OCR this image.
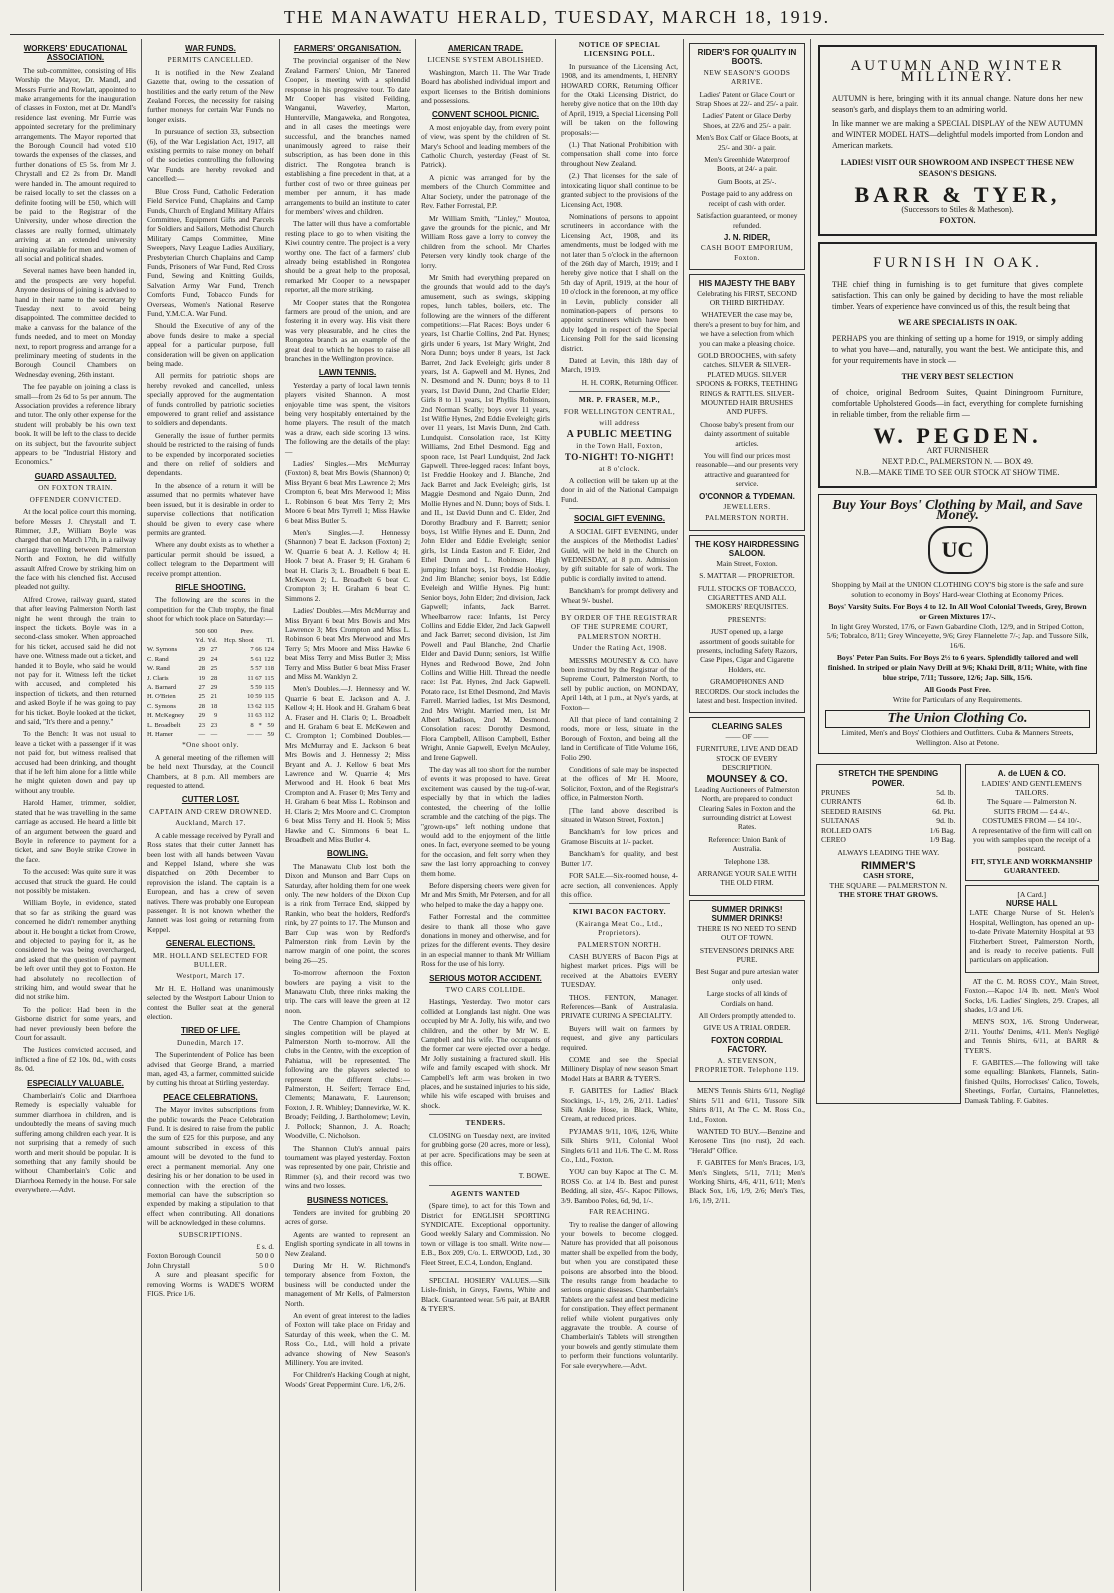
THE MANAWATU HERALD, TUESDAY, MARCH 18, 1919.
WORKERS' EDUCATIONAL ASSOCIATION.

The sub-committee, consisting of His Worship the Mayor, Dr. Mandl, and Messrs Furrie and Rowlatt, appointed to make arrangements for the inauguration of classes in Foxton, met at Dr. Mandl's residence last evening. Mr Furrie was appointed secretary for the preliminary arrangements. The Mayor reported that the Borough Council had voted £10 towards the expenses of the classes, and further donations of £5 5s. from Mr J. Chrystall and £2 2s from Dr. Mandl were handed in. The amount required to be raised locally to set the classes on a definite footing will be £50, which will be paid to the Registrar of the University, under whose direction the classes are really formed, ultimately arriving at an extended university training available for men and women of all social and political shades.

Several names have been handed in, and the prospects are very hopeful. Anyone desirous of joining is advised to hand in their name to the secretary by Tuesday next to avoid being disappointed. The committee decided to make a canvass for the balance of the funds needed, and to meet on Monday next, to report progress and arrange for a preliminary meeting of students in the Borough Council Chambers on Wednesday evening, 26th instant.

The fee payable on joining a class is small—from 2s 6d to 5s per annum. The Association provides a reference library and tutor. The only other expense for the student will probably be his own text book. It will be left to the class to decide on its subject, but the favourite subject appears to be "Industrial History and Economics."

GUARD ASSAULTED.
ON FOXTON TRAIN.
OFFENDER CONVICTED.

At the local police court this morning, before Messrs J. Chrystall and T. Rimmer, J.P., William Boyle was charged that on March 17th, in a railway carriage travelling between Palmerston North and Foxton, he did wilfully assault Alfred Crowe by striking him on the face with his clenched fist. Accused pleaded not guilty.

Alfred Crowe, railway guard, stated that after leaving Palmerston North last night he went through the train to inspect the tickets. Boyle was in a second-class smoker. When approached for his ticket, accused said he did not have one. Witness made out a ticket, and handed it to Boyle, who said he would not pay for it. Witness left the ticket with accused, and completed his inspection of tickets, and then returned and asked Boyle if he was going to pay for his ticket. Boyle looked at the ticket, and said, "It's there and a penny."

To the Bench: It was not usual to leave a ticket with a passenger if it was not paid for, but witness realised that accused had been drinking, and thought that if he left him alone for a little while he might quieten down and pay up without any trouble.

Harold Hamer, trimmer, soldier, stated that he was travelling in the same carriage as accused. He heard a little bit of an argument between the guard and Boyle in reference to payment for a ticket, and saw Boyle strike Crowe in the face.

To the accused: Was quite sure it was accused that struck the guard. He could not possibly be mistaken.

William Boyle, in evidence, stated that so far as striking the guard was concerned he didn't remember anything about it. He bought a ticket from Crowe, and objected to paying for it, as he considered he was being overcharged, and asked that the question of payment be left over until they got to Foxton. He had absolutely no recollection of striking him, and would swear that he did not strike him.

To the police: Had been in the Gisborne district for some years, and had never previously been before the Court for assault.

The Justices convicted accused, and inflicted a fine of £2 10s. 0d., with costs 8s. 0d.

ESPECIALLY VALUABLE.

Chamberlain's Colic and Diarrhoea Remedy is especially valuable for summer diarrhoea in children, and is undoubtedly the means of saving much suffering among children each year. It is not surprising that a remedy of such worth and merit should be popular. It is something that any family should be without Chamberlain's Colic and Diarrhoea Remedy in the house. For sale everywhere.—Advt.

WAR FUNDS.
PERMITS CANCELLED.

It is notified in the New Zealand Gazette that, owing to the cessation of hostilities and the early return of the New Zealand Forces, the necessity for raising further moneys for certain War Funds no longer exists.

In pursuance of section 33, subsection (6), of the War Legislation Act, 1917, all existing permits to raise money on behalf of the societies controlling the following War Funds are hereby revoked and cancelled:—

Blue Cross Fund, Catholic Federation Field Service Fund, Chaplains and Camp Funds, Church of England Military Affairs Committee, Equipment Gifts and Parcels for Soldiers and Sailors, Methodist Church Military Camps Committee, Mine Sweepers, Navy League Ladies Auxiliary, Presbyterian Church Chaplains and Camp Funds, Prisoners of War Fund, Red Cross Fund, Sewing and Knitting Guilds, Salvation Army War Fund, Trench Comforts Fund, Tobacco Funds for Overseas, Women's National Reserve Fund, Y.M.C.A. War Fund.

Should the Executive of any of the above funds desire to make a special appeal for a particular purpose, full consideration will be given on application being made.

All permits for patriotic shops are hereby revoked and cancelled, unless specially approved for the augmentation of funds controlled by patriotic societies empowered to grant relief and assistance to soldiers and dependants.

Generally the issue of further permits should be restricted to the raising of funds to be expended by incorporated societies and there on relief of soldiers and dependants.

In the absence of a return it will be assumed that no permits whatever have been issued, but it is desirable in order to supervise collections that notification should be given to every case where permits are granted.

Where any doubt exists as to whether a particular permit should be issued, a collect telegram to the Department will receive prompt attention.

RIFLE SHOOTING.

The following are the scores in the competition for the Club trophy, the final shoot for which took place on Saturday:—

	500	600	Prev.		
	Yd.	Yd.	Hcp. Shoot	Tl.	
W. Symons	29	27	7	66	124
C. Rand	29	24	5	61	122
W. Rand	28	25	5	57	118
J. Claris	19	28	11	67	115
A. Barnard	27	29	5	59	115
H. O'Brien	25	21	10	59	115
C. Symons	28	18	13	62	115
H. McKegney	29	9	11	63	112
L. Broadbelt	23	23	8	*	59
H. Hamer	—	—	—	—	59
*One shoot only.

A general meeting of the riflemen will be held next Thursday, at the Council Chambers, at 8 p.m. All members are requested to attend.

CUTTER LOST.
CAPTAIN AND CREW DROWNED.
Auckland, March 17.

A cable message received by Pyrall and Ross states that their cutter Jannett has been lost with all hands between Vavau and Keppel Island, where she was dispatched on 20th December to reprovision the island. The captain is a European, and has a crew of seven natives. There was probably one European passenger. It is not known whether the Jannett was lost going or returning from Keppel.

GENERAL ELECTIONS.
MR. HOLLAND SELECTED FOR BULLER.
Westport, March 17.

Mr H. E. Holland was unanimously selected by the Westport Labour Union to contest the Buller seat at the general election.

TIRED OF LIFE.
Dunedin, March 17.

The Superintendent of Police has been advised that George Brand, a married man, aged 43, a farmer, committed suicide by cutting his throat at Stirling yesterday.

PEACE CELEBRATIONS.

The Mayor invites subscriptions from the public towards the Peace Celebration Fund. It is desired to raise from the public the sum of £25 for this purpose, and any amount subscribed in excess of this amount will be devoted to the fund to erect a permanent memorial. Any one desiring his or her donation to be used in connection with the erection of the memorial can have the subscription so expended by making a stipulation to that effect when contributing. All donations will be acknowledged in these columns.

SUBSCRIPTIONS.
£ s. d.
Foxton Borough Council	50 0 0
John Chrystall	5 0 0

A sure and pleasant specific for removing Worms is WADE'S WORM FIGS. Price 1/6.

FARMERS' ORGANISATION.

The provincial organiser of the New Zealand Farmers' Union, Mr Tanered Cooper, is meeting with a splendid response in his progressive tour. To date Mr Cooper has visited Feilding, Wanganui, Waverley, Marton, Hunterville, Mangaweka, and Rongotea, and in all cases the meetings were successful, and the branches named unanimously agreed to raise their subscription, as has been done in this district. The Rongotea branch is establishing a fine precedent in that, at a further cost of two or three guineas per member per annum, it has made arrangements to build an institute to cater for members' wives and children.

The latter will thus have a comfortable resting place to go to when visiting the Kiwi country centre. The project is a very worthy one. The fact of a farmers' club already being established in Rongotea should be a great help to the proposal, remarked Mr Cooper to a newspaper reporter, all the more striking.

Mr Cooper states that the Rongotea farmers are proud of the union, and are fostering it in every way. His visit there was very pleasurable, and he cites the Rongotea branch as an example of the great deal to which he hopes to raise all branches in the Wellington province.

LAWN TENNIS.

Yesterday a party of local lawn tennis players visited Shannon. A most enjoyable time was spent, the visitors being very hospitably entertained by the home players. The result of the match was a draw, each side scoring 13 wins. The following are the details of the play:—

Ladies' Singles.—Mrs McMurray (Foxton) 8, beat Mrs Bowis (Shannon) 0; Miss Bryant 6 beat Mrs Lawrence 2; Mrs Crompton 6, beat Mrs Merwood 1; Miss L. Robinson 6 beat Mrs Terry 2; Mrs Moore 6 beat Mrs Tyrrell 1; Miss Hawke 6 beat Miss Butler 5.

Men's Singles.—J. Hennessy (Shannon) 7 beat E. Jackson (Foxton) 2; W. Quarrie 6 beat A. J. Kellow 4; H. Hook 7 beat A. Fraser 9; H. Graham 6 beat H. Claris 3; L. Broadbelt 6 beat E. McKewen 2; L. Broadbelt 6 beat C. Crompton 3; H. Graham 6 beat C. Simmons 2.

Ladies' Doubles.—Mrs McMurray and Miss Bryant 6 beat Mrs Bowis and Mrs Lawrence 3; Mrs Crompton and Miss L. Robinson 6 beat Mrs Merwood and Mrs Terry 5; Mrs Moore and Miss Hawke 6 beat Miss Terry and Miss Butler 3; Miss Terry and Miss Butler 6 beat Miss Fraser and Miss M. Wanklyn 2.

Men's Doubles.—J. Hennessy and W. Quarrie 6 beat E. Jackson and A. J. Kellow 4; H. Hook and H. Graham 6 beat A. Fraser and H. Claris 0; L. Broadbelt and H. Graham 6 beat E. McKewen and C. Crompton 1; Combined Doubles.—Mrs McMurray and E. Jackson 6 beat Mrs Bowis and J. Hennessy 2; Miss Bryant and A. J. Kellow 6 beat Mrs Lawrence and W. Quarrie 4; Mrs Merwood and H. Hook 6 beat Mrs Crompton and A. Fraser 0; Mrs Terry and H. Graham 6 beat Miss L. Robinson and H. Claris 2; Mrs Moore and C. Crompton 6 beat Miss Terry and H. Hook 5; Miss Hawke and C. Simmons 6 beat L. Broadbelt and Miss Butler 4.

BOWLING.

The Manawatu Club lost both the Dixon and Munson and Barr Cups on Saturday, after holding them for one week only. The new holders of the Dixon Cup is a rink from Terrace End, skipped by Rankin, who beat the holders, Redford's rink, by 27 points to 17. The Munson and Barr Cup was won by Redford's Palmerston rink from Levin by the narrow margin of one point, the scores being 26—25.

To-morrow afternoon the Foxton bowlers are paying a visit to the Manawatu Club, three rinks making the trip. The cars will leave the green at 12 noon.

The Centre Champion of Champions singles competition will be played at Palmerston North to-morrow. All the clubs in the Centre, with the exception of Pahiatua, will be represented. The following are the players selected to represent the different clubs:—Palmerston, H. Seifert; Terrace End, Clements; Manawatu, F. Laurenson; Foxton, J. R. Whibley; Dannevirke, W. K. Broady; Feilding, J. Bartholomew; Levin, J. Pollock; Shannon, J. A. Roach; Woodville, C. Nicholson.

The Shannon Club's annual pairs tournament was played yesterday. Foxton was represented by one pair, Christie and Rimmer (s), and their record was two wins and two losses.

BUSINESS NOTICES.

Tenders are invited for grubbing 20 acres of gorse.

Agents are wanted to represent an English sporting syndicate in all towns in New Zealand.

During Mr H. W. Richmond's temporary absence from Foxton, the business will be conducted under the management of Mr Kells, of Palmerston North.

An event of great interest to the ladies of Foxton will take place on Friday and Saturday of this week, when the C. M. Ross Co., Ltd., will hold a private advance showing of New Season's Millinery. You are invited.

For Children's Hacking Cough at night, Woods' Great Peppermint Cure. 1/6, 2/6.

AMERICAN TRADE.
LICENSE SYSTEM ABOLISHED.

Washington, March 11. The War Trade Board has abolished individual import and export licenses to the British dominions and possessions.

CONVENT SCHOOL PICNIC.

A most enjoyable day, from every point of view, was spent by the children of St. Mary's School and leading members of the Catholic Church, yesterday (Feast of St. Patrick).

A picnic was arranged for by the members of the Church Committee and Altar Society, under the patronage of the Rev. Father Forrestal, P.P.

Mr William Smith, "Linley," Moutoa, gave the grounds for the picnic, and Mr William Ross gave a lorry to convey the children from the school. Mr Charles Petersen very kindly took charge of the lorry.

Mr Smith had everything prepared on the grounds that would add to the day's amusement, such as swings, skipping ropes, lunch tables, boilers, etc. The following are the winners of the different competitions:—Flat Races: Boys under 6 years, 1st Charlie Collins, 2nd Pat. Hynes; girls under 6 years, 1st Mary Wright, 2nd Nora Dunn; boys under 8 years, 1st Jack Barret, 2nd Jack Eveleigh; girls under 8 years, 1st A. Gapwell and M. Hynes, 2nd N. Desmond and N. Dunn; boys 8 to 11 years, 1st David Dunn, 2nd Charlie Elder; Girls 8 to 11 years, 1st Phyllis Robinson, 2nd Norman Scally; boys over 11 years, 1st Wilfie Hynes, 2nd Eddie Eveleigh; girls over 11 years, 1st Mavis Dunn, 2nd Cath. Lundquist. Consolation race, 1st Kitty Williams, 2nd Ethel Desmond. Egg and spoon race, 1st Pearl Lundquist, 2nd Jack Gapwell. Three-legged races: Infant boys, 1st Freddie Hookey and J. Blanche, 2nd Jack Barret and Jack Eveleigh; girls, 1st Maggie Desmond and Ngaio Dunn, 2nd Mollie Hynes and N. Dunn; boys of Stds. I. and II., 1st David Dunn and C. Elder, 2nd Dorothy Bradbury and F. Barrett; senior boys, 1st Wilfie Hynes and E. Dunn, 2nd John Elder and Eddie Eveleigh; senior girls, 1st Linda Easton and F. Eider, 2nd Ethel Dunn and L. Robinson. High jumping: Infant boys, 1st Freddie Hookey, 2nd Jim Blanche; senior boys, 1st Eddie Eveleigh and Wilfie Hynes. Pig hunt: Senior boys, John Elder; 2nd division, Jack Gapwell; infants, Jack Barret. Wheelbarrow race: Infants, 1st Percy Collins and Eddie Elder, 2nd Jack Gapwell and Jack Barret; second division, 1st Jim Powell and Paul Blanche, 2nd Charlie Elder and David Dunn; seniors, 1st Wilfie Hynes and Redwood Bowe, 2nd John Collins and Willie Hill. Thread the needle race: 1st Pat. Hynes, 2nd Jack Gapwell. Potato race, 1st Ethel Desmond, 2nd Mavis Farrell. Married ladies, 1st Mrs Desmond, 2nd Mrs Wright. Married men, 1st Mr Albert Madison, 2nd M. Desmond. Consolation races: Dorothy Desmond, Flora Campbell, Allison Campbell, Esther Wright, Annie Gapwell, Evelyn McAuley, and Irene Gapwell.

The day was all too short for the number of events it was proposed to have. Great excitement was caused by the tug-of-war, especially by that in which the ladies contested, the cheering of the lollie scramble and the catching of the pigs. The "grown-ups" left nothing undone that would add to the enjoyment of the little ones. In fact, everyone seemed to be young for the occasion, and felt sorry when they saw the last lorry approaching to convey them home.

Before dispersing cheers were given for Mr and Mrs Smith, Mr Petersen, and for all who helped to make the day a happy one.

Father Forrestal and the committee desire to thank all those who gave donations in money and otherwise, and for prizes for the different events. They desire in an especial manner to thank Mr William Ross for the use of his lorry.

SERIOUS MOTOR ACCIDENT.
TWO CARS COLLIDE.

Hastings, Yesterday. Two motor cars collided at Longlands last night. One was occupied by Mr A. Jolly, his wife, and two children, and the other by Mr W. E. Campbell and his wife. The occupants of the former car were ejected over a hedge. Mr Jolly sustaining a fractured skull. His wife and family escaped with shock. Mr Campbell's left arm was broken in two places, and he sustained injuries to his side, while his wife escaped with bruises and shock.

TENDERS.

CLOSING on Tuesday next, are invited for grubbing gorse (20 acres, more or less), at per acre. Specifications may be seen at this office.

T. BOWE.
AGENTS WANTED

(Spare time), to act for this Town and District for ENGLISH SPORTING SYNDICATE. Exceptional opportunity. Good weekly Salary and Commission. No town or village is too small. Write now—E.B., Box 209, C/o. L. ERWOOD, Ltd., 30 Fleet Street, E.C.4, London, England.

SPECIAL HOSIERY VALUES.—Silk Lisle-finish, in Greys, Fawns, White and Black. Guaranteed wear. 5/6 pair, at BARR & TYER'S.

NOTICE OF SPECIAL LICENSING POLL.

In pursuance of the Licensing Act, 1908, and its amendments, I, HENRY HOWARD CORK, Returning Officer for the Otaki Licensing District, do hereby give notice that on the 10th day of April, 1919, a Special Licensing Poll will be taken on the following proposals:—

(1.) That National Prohibition with compensation shall come into force throughout New Zealand.

(2.) That licenses for the sale of intoxicating liquor shall continue to be granted subject to the provisions of the Licensing Act, 1908.

Nominations of persons to appoint scrutineers in accordance with the Licensing Act, 1908, and its amendments, must be lodged with me not later than 5 o'clock in the afternoon of the 26th day of March, 1919; and I hereby give notice that I shall on the 5th day of April, 1919, at the hour of 10 o'clock in the forenoon, at my office in Levin, publicly consider all nomination-papers of persons to appoint scrutineers which have been duly lodged in respect of the Special Licensing Poll for the said licensing district.

Dated at Levin, this 18th day of March, 1919.

H. H. CORK, Returning Officer.
MR. P. FRASER, M.P.,
FOR WELLINGTON CENTRAL,
will address
A PUBLIC MEETING
in the Town Hall, Foxton,
TO-NIGHT! TO-NIGHT!
at 8 o'clock.

A collection will be taken up at the door in aid of the National Campaign Fund.

SOCIAL GIFT EVENING.

A SOCIAL GIFT EVENING, under the auspices of the Methodist Ladies' Guild, will be held in the Church on WEDNESDAY, at 8 p.m. Admission by gift suitable for sale of work. The public is cordially invited to attend.

Banckham's for prompt delivery and Wheat 9/- bushel.

BY ORDER OF THE REGISTRAR OF THE SUPREME COURT, PALMERSTON NORTH.
Under the Rating Act, 1908.

MESSRS MOUNSEY & CO. have been instructed by the Registrar of the Supreme Court, Palmerston North, to sell by public auction, on MONDAY, April 14th, at 1 p.m., at Nye's yards, at Foxton—

All that piece of land containing 2 roods, more or less, situate in the Borough of Foxton, and being all the land in Certificate of Title Volume 166, Folio 290.

Conditions of sale may be inspected at the offices of Mr H. Moore, Solicitor, Foxton, and of the Registrar's office, in Palmerston North.

[The land above described is situated in Watson Street, Foxton.]

Banckham's for low prices and Gramose Biscuits at 1/- packet.

Banckham's for quality, and best Butter 1/7.

FOR SALE.—Six-roomed house, 4-acre section, all conveniences. Apply this office.

KIWI BACON FACTORY.
(Kairanga Meat Co., Ltd., Proprietors).
PALMERSTON NORTH.

CASH BUYERS of Bacon Pigs at highest market prices. Pigs will be received at the Abattoirs EVERY TUESDAY.

THOS. FENTON, Manager. References—Bank of Australasia. PRIVATE CURING A SPECIALITY.

Buyers will wait on farmers by request, and give any particulars required.

COME and see the Special Millinery Display of new season Smart Model Hats at BARR & TYER'S.

F. GABITES for Ladies' Black Stockings, 1/-, 1/9, 2/6, 2/11. Ladies' Silk Ankle Hose, in Black, White, Cream, at reduced prices.

PYJAMAS 9/11, 10/6, 12/6, White Silk Shirts 9/11, Colonial Wool Singlets 6/11 and 11/6. The C. M. Ross Co., Ltd., Foxton.

YOU can buy Kapoc at The C. M. ROSS Co. at 1/4 lb. Best and purest Bedding, all size, 45/-. Kapoc Pillows, 3/9. Bamboo Poles, 6d, 9d, 1/-.

FAR REACHING.

Try to realise the danger of allowing your bowels to become clogged. Nature has provided that all poisonous matter shall be expelled from the body, but when you are constipated these poisons are absorbed into the blood. The results range from headache to serious organic diseases. Chamberlain's Tablets are the safest and best medicine for constipation. They effect permanent relief while violent purgatives only aggravate the trouble. A course of Chamberlain's Tablets will strengthen your bowels and gently stimulate them to perform their functions voluntarily. For sale everywhere.—Advt.

RIDER'S FOR QUALITY IN BOOTS.
NEW SEASON'S GOODS ARRIVE.

Ladies' Patent or Glace Court or Strap Shoes at 22/- and 25/- a pair.

Ladies' Patent or Glace Derby Shoes, at 22/6 and 25/- a pair.

Men's Box Calf or Glace Boots, at 25/- and 30/- a pair.

Men's Greenhide Waterproof Boots, at 24/- a pair.

Gum Boots, at 25/-.

Postage paid to any address on receipt of cash with order.

Satisfaction guaranteed, or money refunded.

J. N. RIDER,
CASH BOOT EMPORIUM, Foxton.
HIS MAJESTY THE BABY

Celebrating his FIRST, SECOND OR THIRD BIRTHDAY.

WHATEVER the case may be, there's a present to buy for him, and we have a selection from which you can make a pleasing choice.

GOLD BROOCHES, with safety catches. SILVER & SILVER-PLATED MUGS. SILVER SPOONS & FORKS, TEETHING RINGS & RATTLES. SILVER-MOUNTED HAIR BRUSHES AND PUFFS.

Choose baby's present from our dainty assortment of suitable articles.

You will find our prices most reasonable—and our presents very attractive and guaranteed for service.

O'CONNOR & TYDEMAN.
JEWELLERS.
PALMERSTON NORTH.
THE KOSY HAIRDRESSING SALOON.

Main Street, Foxton.

S. MATTAR — PROPRIETOR.

FULL STOCKS OF TOBACCO, CIGARETTES AND ALL SMOKERS' REQUISITES.

PRESENTS:

JUST opened up, a large assortment of goods suitable for presents, including Safety Razors, Case Pipes, Cigar and Cigarette Holders, etc.

GRAMOPHONES AND RECORDS. Our stock includes the latest and best. Inspection invited.

CLEARING SALES

—— OF ——

FURNITURE, LIVE AND DEAD STOCK OF EVERY DESCRIPTION.

MOUNSEY & CO.

Leading Auctioneers of Palmerston North, are prepared to conduct Clearing Sales in Foxton and the surrounding district at Lowest Rates.

Reference: Union Bank of Australia.

Telephone 138.

ARRANGE YOUR SALE WITH THE OLD FIRM.

SUMMER DRINKS! SUMMER DRINKS!

THERE IS NO NEED TO SEND OUT OF TOWN.

STEVENSON'S DRINKS ARE PURE.

Best Sugar and pure artesian water only used.

Large stocks of all kinds of Cordials on hand.

All Orders promptly attended to.

GIVE US A TRIAL ORDER.

FOXTON CORDIAL FACTORY.
A. STEVENSON, PROPRIETOR. Telephone 119.

MEN'S Tennis Shirts 6/11, Negligé Shirts 5/11 and 6/11, Tussore Silk Shirts 8/11, At The C. M. Ross Co., Ltd., Foxton.

WANTED TO BUY.—Benzine and Kerosene Tins (no rust), 2d each. "Herald" Office.

F. GABITES for Men's Braces, 1/3, Men's Singlets, 5/11, 7/11; Men's Working Shirts, 4/6, 4/11, 6/11; Men's Black Sox, 1/6, 1/9, 2/6; Men's Ties, 1/6, 1/9, 2/11.

AUTUMN AND WINTER MILLINERY.

AUTUMN is here, bringing with it its annual change. Nature dons her new season's garb, and displays them to an admiring world.

In like manner we are making a SPECIAL DISPLAY of the NEW AUTUMN and WINTER MODEL HATS—delightful models imported from London and American markets.

LADIES! VISIT OUR SHOWROOM AND INSPECT THESE NEW SEASON'S DESIGNS.
BARR & TYER,
(Successors to Stiles & Matheson).
FOXTON.
FURNISH IN OAK.

THE chief thing in furnishing is to get furniture that gives complete satisfaction. This can only be gained by deciding to have the most reliable timber. Years of experience have convinced us of this, the result being that

WE ARE SPECIALISTS IN OAK.

PERHAPS you are thinking of setting up a home for 1919, or simply adding to what you have—and, naturally, you want the best. We anticipate this, and for your requirements have in stock —

THE VERY BEST SELECTION

of choice, original Bedroom Suites, Quaint Diningroom Furniture, comfortable Upholstered Goods—in fact, everything for complete furnishing in reliable timber, from the reliable firm —

W. PEGDEN.
ART FURNISHER
NEXT P.D.C., PALMERSTON N. — BOX 49.
N.B.—MAKE TIME TO SEE OUR STOCK AT SHOW TIME.
Buy Your Boys' Clothing by Mail, and Save Money.
UC
Shopping by Mail at the UNION CLOTHING COY'S big store is the safe and sure solution to economy in Boys' Hard-wear Clothing at Economy Prices.
Boys' Varsity Suits. For Boys 4 to 12. In All Wool Colonial Tweeds, Grey, Brown or Green Mixtures 17/-.
In light Grey Worsted, 17/6, or Fawn Gabardine Cloth, 12/9, and in Striped Cotton, 5/6; Tobralco, 8/11; Grey Winceyette, 9/6; Grey Flannelette 7/-; Jap. and Tussore Silk, 16/6.
Boys' Peter Pan Suits. For Boys 2½ to 6 years. Splendidly tailored and well finished. In striped or plain Navy Drill at 9/6; Khaki Drill, 8/11; White, with fine blue stripe, 7/11; Tussore, 12/6; Jap. Silk, 15/6.
All Goods Post Free.
Write for Particulars of any Requirements.
The Union Clothing Co.
Limited, Men's and Boys' Clothiers and Outfitters. Cuba & Manners Streets, Wellington. Also at Petone.
STRETCH THE SPENDING POWER.
PRUNES	5d. lb.
CURRANTS	6d. lb.
SEEDED RAISINS	6d. Pkt.
SULTANAS	9d. lb.
ROLLED OATS	1/6 Bag.
CEREO	1/9 Bag.
ALWAYS LEADING THE WAY.
RIMMER'S
CASH STORE,
THE SQUARE — PALMERSTON N.
THE STORE THAT GROWS.
A. de LUEN & CO.
LADIES' AND GENTLEMEN'S TAILORS.
The Square — Palmerston N.
SUITS FROM — £4 4/-.
COSTUMES FROM — £4 10/-.

A representative of the firm will call on you with samples upon the receipt of a postcard.

FIT, STYLE AND WORKMANSHIP GUARANTEED.
[A Card.]
NURSE HALL

LATE Charge Nurse of St. Helen's Hospital, Wellington, has opened an up-to-date Private Maternity Hospital at 93 Fitzherbert Street, Palmerston North, and is ready to receive patients. Full particulars on application.

AT the C. M. ROSS COY., Main Street, Foxton.—Kapoc 1/4 lb. nett. Men's Wool Socks, 1/6. Ladies' Singlets, 2/9. Crapes, all shades, 1/3 and 1/6.

MEN'S SOX, 1/6. Strong Underwear, 2/11. Youths' Denims, 4/11. Men's Negligé and Tennis Shirts, 6/11, at BARR & TYER'S.

F. GABITES.—The following will take some equalling: Blankets, Flannels, Satin-finished Quilts, Horrockses' Calico, Towels, Sheetings, Forfar, Curtains, Flannelettes, Damask Tabling. F. Gabites.
